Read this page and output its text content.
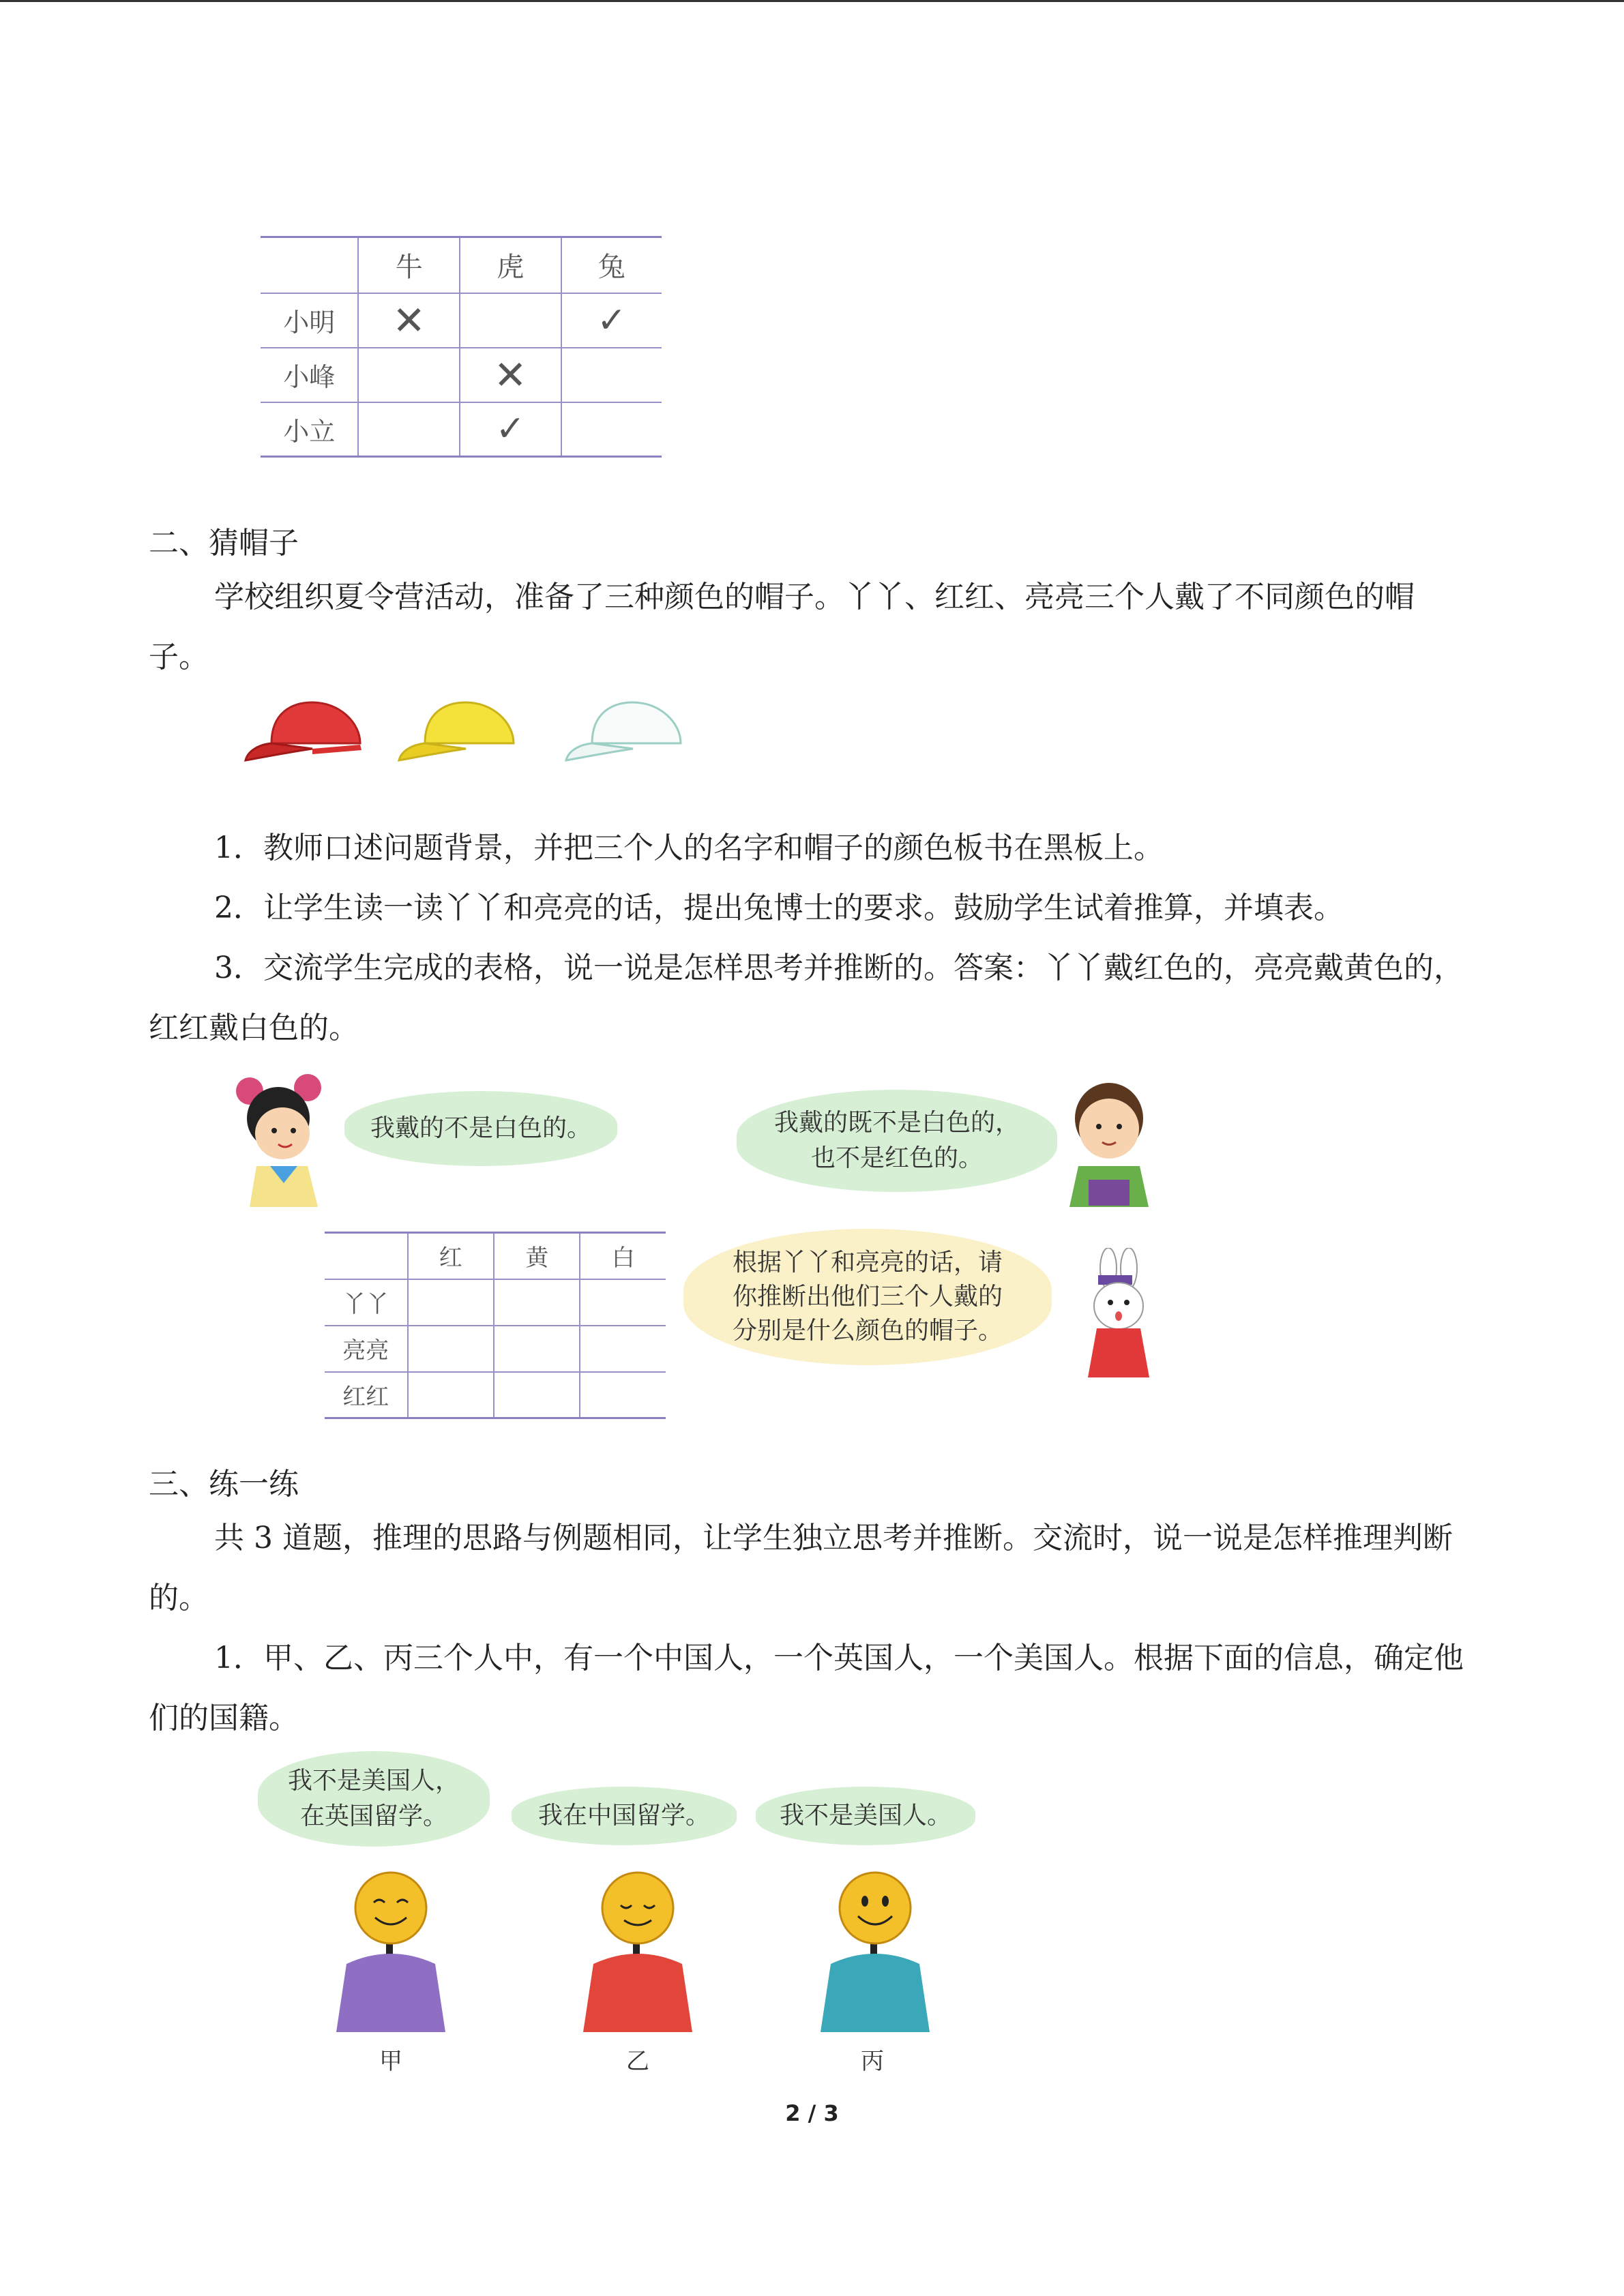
	牛	虎	兔
小明	✕		✓
小峰		✕	
小立		✓	
二、猜帽子
学校组织夏令营活动，准备了三种颜色的帽子。丫丫、红红、亮亮三个人戴了不同颜色的帽子。
1．教师口述问题背景，并把三个人的名字和帽子的颜色板书在黑板上。
2．让学生读一读丫丫和亮亮的话，提出兔博士的要求。鼓励学生试着推算，并填表。
3．交流学生完成的表格，说一说是怎样思考并推断的。答案：丫丫戴红色的，亮亮戴黄色的，红红戴白色的。
我戴的不是白色的。	我戴的既不是白色的，
也不是红色的。
	红	黄	白
丫丫			
亮亮			
红红			
根据丫丫和亮亮的话，请
你推断出他们三个人戴的
分别是什么颜色的帽子。
三、练一练
共 3 道题，推理的思路与例题相同，让学生独立思考并推断。交流时，说一说是怎样推理判断的。
1．甲、乙、丙三个人中，有一个中国人，一个英国人，一个美国人。根据下面的信息，确定他们的国籍。
我不是美国人，
在英国留学。	我在中国留学。	我不是美国人。
甲	乙	丙
2 / 3
